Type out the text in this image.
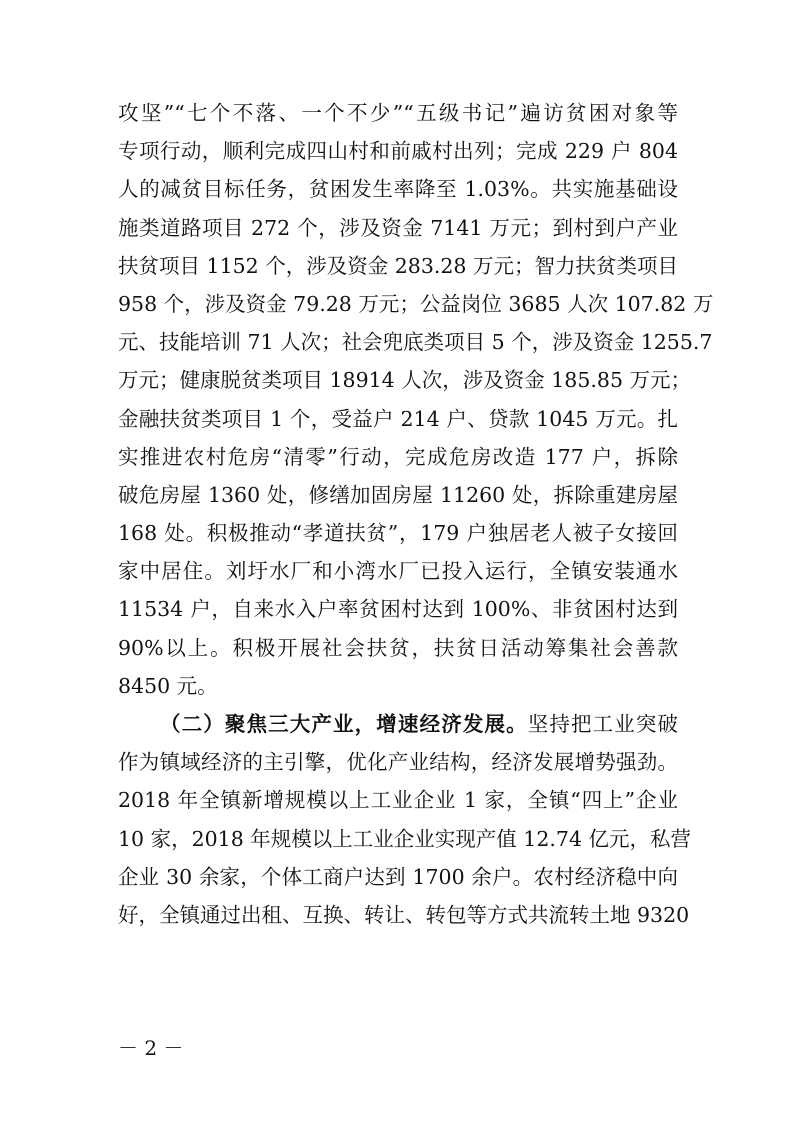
攻坚”“七个不落、一个不少”“五级书记”遍访贫困对象等
专项行动，顺利完成四山村和前戚村出列；完成 229 户 804
人的减贫目标任务，贫困发生率降至 1.03%。共实施基础设
施类道路项目 272 个，涉及资金 7141 万元；到村到户产业
扶贫项目 1152 个，涉及资金 283.28 万元；智力扶贫类项目
958 个，涉及资金 79.28 万元；公益岗位 3685 人次 107.82 万
元、技能培训 71 人次；社会兜底类项目 5 个，涉及资金 1255.7
万元；健康脱贫类项目 18914 人次，涉及资金 185.85 万元；
金融扶贫类项目 1 个，受益户 214 户、贷款 1045 万元。扎
实推进农村危房“清零”行动，完成危房改造 177 户，拆除
破危房屋 1360 处，修缮加固房屋 11260 处，拆除重建房屋
168 处。积极推动“孝道扶贫”，179 户独居老人被子女接回
家中居住。刘圩水厂和小湾水厂已投入运行，全镇安装通水
11534 户，自来水入户率贫困村达到 100%、非贫困村达到
90%以上。积极开展社会扶贫，扶贫日活动筹集社会善款
8450 元。
（二）聚焦三大产业，增速经济发展。坚持把工业突破
作为镇域经济的主引擎，优化产业结构，经济发展增势强劲。
2018 年全镇新增规模以上工业企业 1 家，全镇“四上”企业
10 家，2018 年规模以上工业企业实现产值 12.74 亿元，私营
企业 30 余家，个体工商户达到 1700 余户。农村经济稳中向
好，全镇通过出租、互换、转让、转包等方式共流转土地 9320
－ 2 －
